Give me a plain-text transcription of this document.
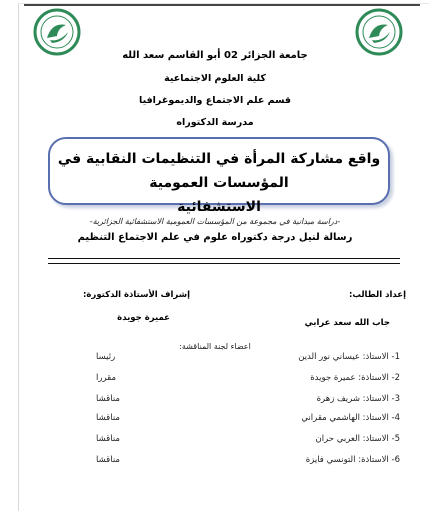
جامعة الجزائر 02 أبو القاسم سعد الله
كلية العلوم الاجتماعية
قسم علم الاجتماع والديموغرافيا
مدرسة الدكتوراه
واقع مشاركة المرأة في التنظيمات النقابية في المؤسسات العمومية
الاستشفائية
-دراسة ميدانية في مجموعة من المؤسسات العمومية الاستشفائية الجزائرية-
رسالة لنيل درجة دكتوراه علوم في علم الاجتماع التنظيم
إعداد الطالب:
إشراف الأستاذة الدكتورة:
جاب الله سعد عرابي
عميرة جويدة
اعضاء لجنة المناقشة:
1- الاستاذ: عيساني نور الدين
رئيسا
2- الاستاذة: عميرة جويدة
مقررا
3- الاستاذ: شريف زهرة
مناقشا
4- الاستاذ: الهاشمي مقراني
مناقشا
5- الاستاذ: العربي حران
مناقشا
6- الاستاذة: التونسي فايزة
مناقشا
